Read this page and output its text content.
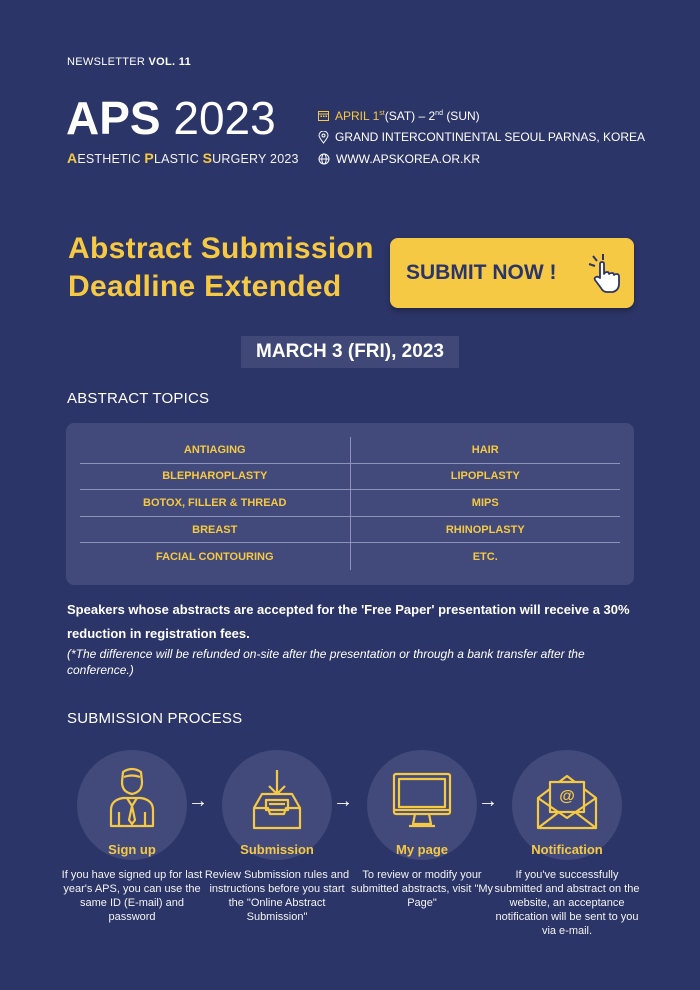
NEWSLETTER VOL. 11
APS 2023
AESTHETIC PLASTIC SURGERY 2023
APRIL 1st(SAT) – 2nd (SUN)
GRAND INTERCONTINENTAL SEOUL PARNAS, KOREA
WWW.APSKOREA.OR.KR
Abstract Submission
Deadline Extended	SUBMIT NOW !
MARCH 3 (FRI), 2023
ABSTRACT TOPICS
ANTIAGING	HAIR
BLEPHAROPLASTY	LIPOPLASTY
BOTOX, FILLER & THREAD	MIPS
BREAST	RHINOPLASTY
FACIAL CONTOURING	ETC.
Speakers whose abstracts are accepted for the 'Free Paper' presentation will receive a 30% reduction in registration fees.
(*The difference will be refunded on-site after the presentation or through a bank transfer after the conference.)
SUBMISSION PROCESS
Sign up
If you have signed up for last year's APS, you can use the same ID (E-mail) and password
→
Submission
Review Submission rules and instructions before you start the "Online Abstract Submission"
→
My page
To review or modify your submitted abstracts, visit "My Page"
→	@
Notification
If you've successfully submitted and abstract on the website, an acceptance notification will be sent to you via e-mail.
